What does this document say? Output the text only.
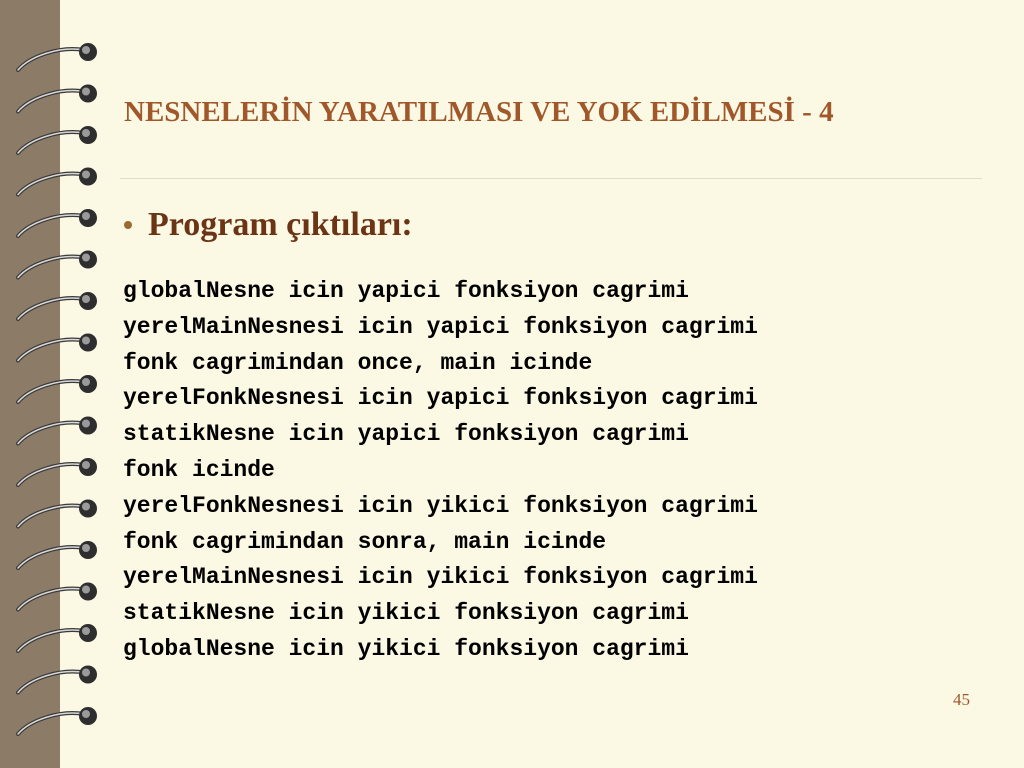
NESNELERİN YARATILMASI VE YOK EDİLMESİ - 4
Program çıktıları:
globalNesne icin yapici fonksiyon cagrimi
yerelMainNesnesi icin yapici fonksiyon cagrimi
fonk cagrimindan once, main icinde
yerelFonkNesnesi icin yapici fonksiyon cagrimi
statikNesne icin yapici fonksiyon cagrimi
fonk icinde
yerelFonkNesnesi icin yikici fonksiyon cagrimi
fonk cagrimindan sonra, main icinde
yerelMainNesnesi icin yikici fonksiyon cagrimi
statikNesne icin yikici fonksiyon cagrimi
globalNesne icin yikici fonksiyon cagrimi
45
